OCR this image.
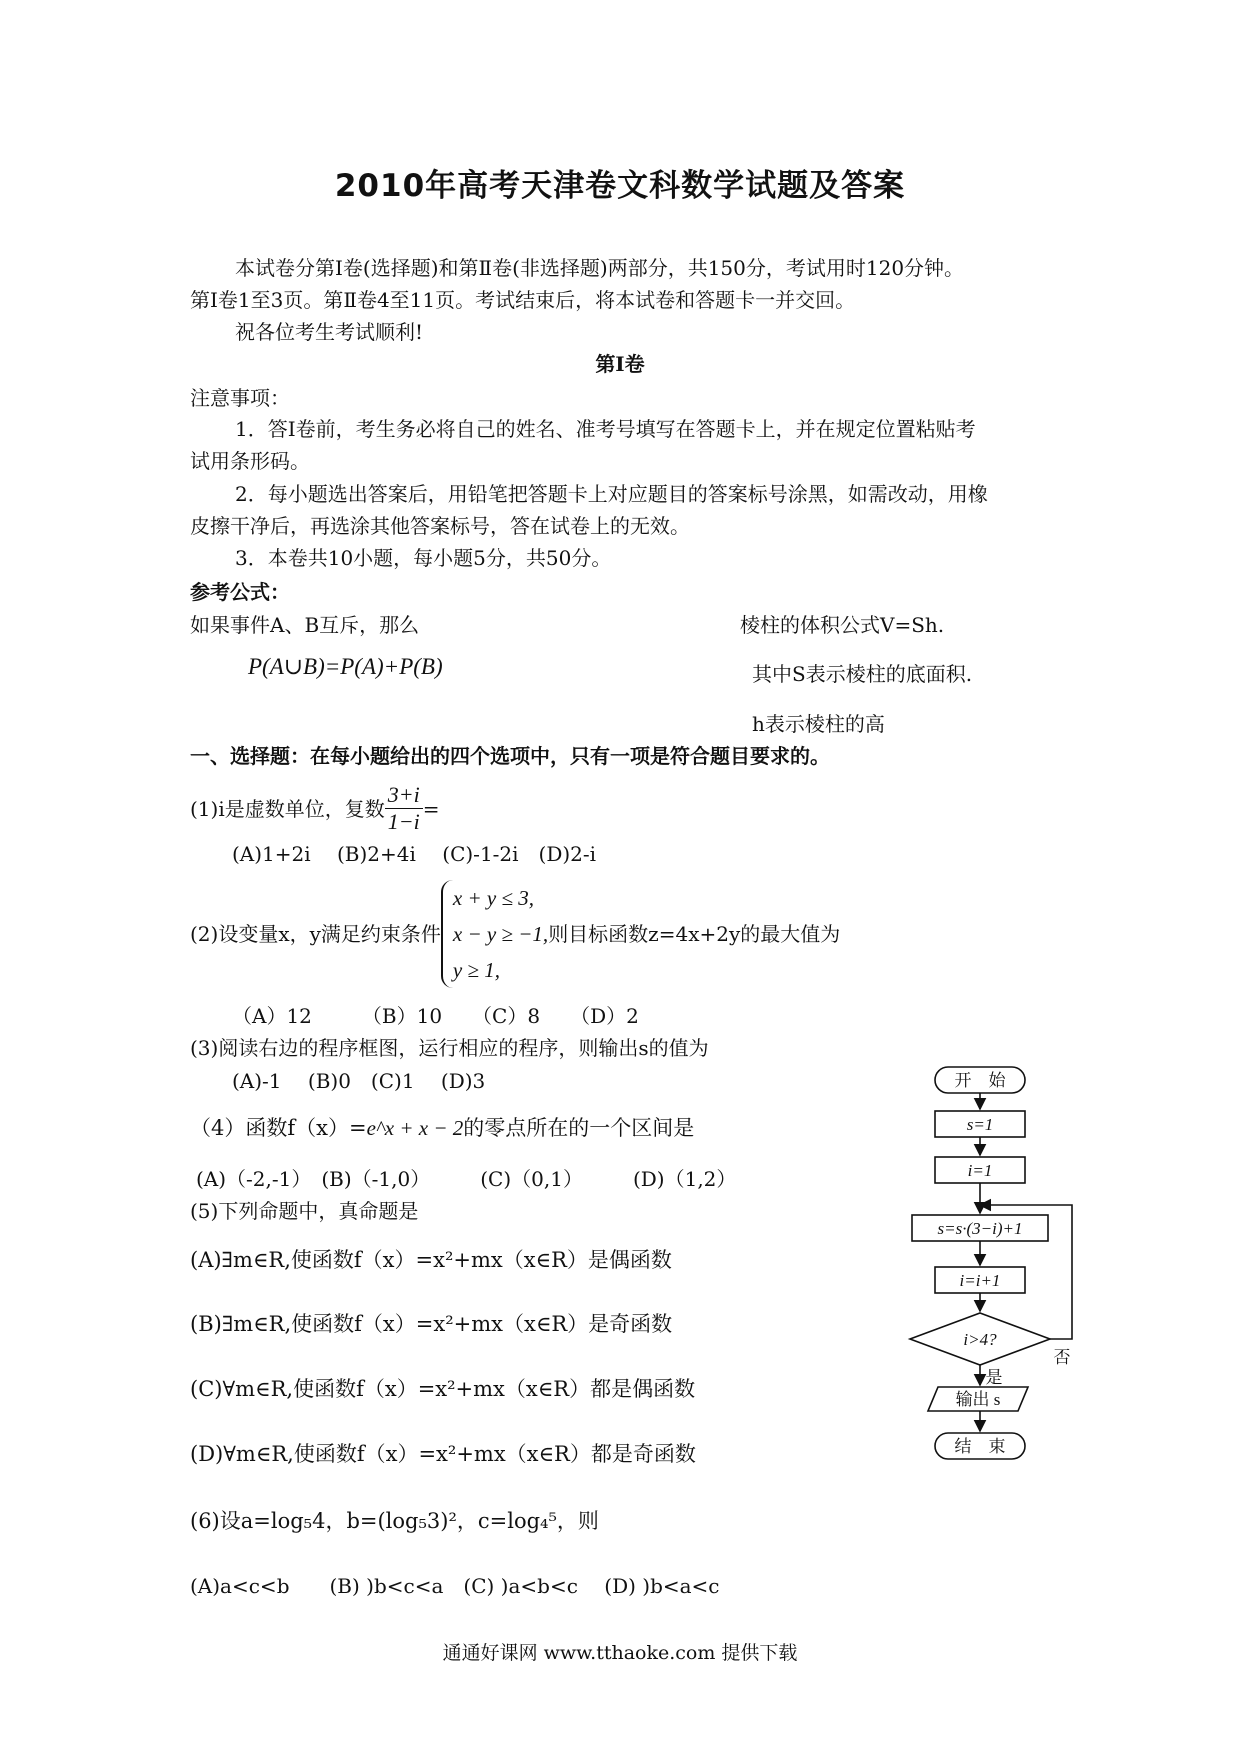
2010年高考天津卷文科数学试题及答案
本试卷分第Ⅰ卷(选择题)和第Ⅱ卷(非选择题)两部分，共150分，考试用时120分钟。
第Ⅰ卷1至3页。第Ⅱ卷4至11页。考试结束后，将本试卷和答题卡一并交回。
祝各位考生考试顺利!
第Ⅰ卷
注意事项：
1．答Ⅰ卷前，考生务必将自己的姓名、准考号填写在答题卡上，并在规定位置粘贴考
试用条形码。
2．每小题选出答案后，用铅笔把答题卡上对应题目的答案标号涂黑，如需改动，用橡
皮擦干净后，再选涂其他答案标号，答在试卷上的无效。
3．本卷共10小题，每小题5分，共50分。
参考公式：
如果事件A、B互斥，那么
P(A∪B)=P(A)+P(B)
棱柱的体积公式V=Sh.
其中S表示棱柱的底面积.
h表示棱柱的高
一、选择题：在每小题给出的四个选项中，只有一项是符合题目要求的。
(1)i是虚数单位，复数 $\frac{3+i}{1-i}$ =
(A)1+2i　 (B)2+4i　 (C)-1-2i　(D)2-i
(2)设变量x，y满足约束条件
x + y ≤ 3,
x − y ≥ −1,
y ≥ 1,
则目标函数z=4x+2y的最大值为
（A）12　　　（B）10　　（C）8　　（D）2
(3)阅读右边的程序框图，运行相应的程序，则输出s的值为
(A)-1　 (B)0　(C)1　 (D)3
（4）函数f（x）=e^x + x − 2的零点所在的一个区间是
(A)（-2,-1）　(B)（-1,0）　　　(C)（0,1）　　　(D)（1,2）
(5)下列命题中，真命题是
(A)∃m∈R,使函数f（x）=x²+mx（x∈R）是偶函数
(B)∃m∈R,使函数f（x）=x²+mx（x∈R）是奇函数
(C)∀m∈R,使函数f（x）=x²+mx（x∈R）都是偶函数
(D)∀m∈R,使函数f（x）=x²+mx（x∈R）都是奇函数
(6)设a=log₅4，b=(log₅3)²，c=log₄⁵，则
(A)a<c<b　　(B) )b<c<a　(C) )a<b<c　 (D) )b<a<c
开　始
s=1
i=1
s=s·(3−i)+1
i=i+1
i>4?
否
是
输出 s
结　束
通通好课网 www.tthaoke.com 提供下载
